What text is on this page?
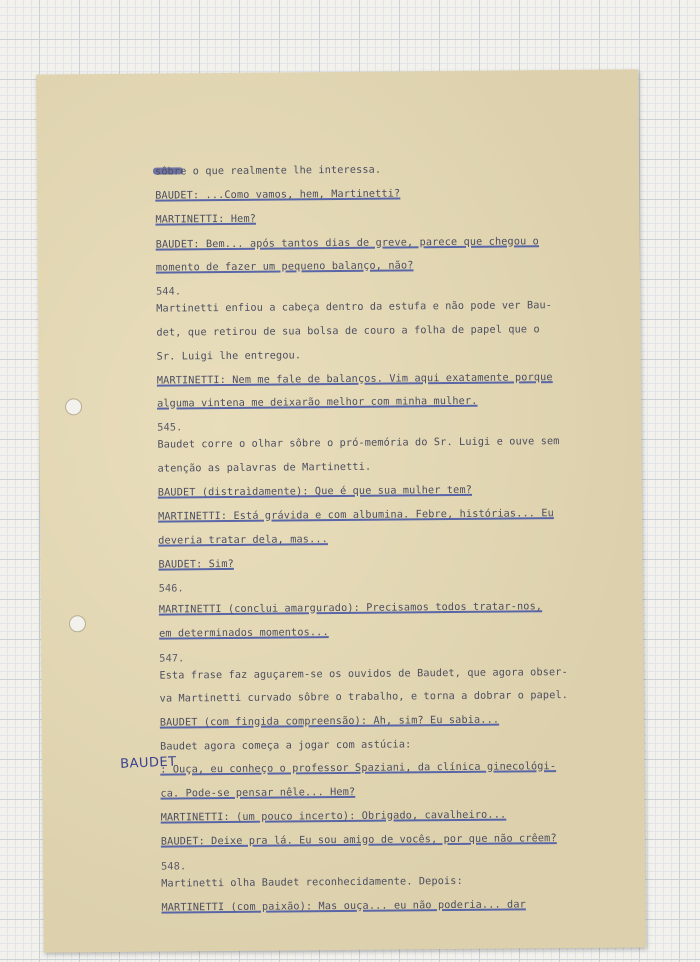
sôbre o que realmente lhe interessa.
BAUDET: ...Como vamos, hem, Martinetti?
MARTINETTI: Hem?
BAUDET: Bem... após tantos dias de greve, parece que chegou o
momento de fazer um pequeno balanço, não?
544.
Martinetti enfiou a cabeça dentro da estufa e não pode ver Bau-
det, que retirou de sua bolsa de couro a folha de papel que o
Sr. Luigi lhe entregou.
MARTINETTI: Nem me fale de balanços. Vim aqui exatamente porque
alguma vintena me deixarão melhor com minha mulher.
545.
Baudet corre o olhar sôbre o pró-memória do Sr. Luigi e ouve sem
atenção as palavras de Martinetti.
BAUDET (distraìdamente): Que é que sua mulher tem?
MARTINETTI: Está grávida e com albumina. Febre, histórias... Eu
deveria tratar dela, mas...
BAUDET: Sim?
546.
MARTINETTI (conclui amargurado): Precisamos todos tratar-nos,
em determinados momentos...
547.
Esta frase faz aguçarem-se os ouvidos de Baudet, que agora obser-
va Martinetti curvado sôbre o trabalho, e torna a dobrar o papel.
BAUDET (com fingida compreensão): Ah, sim? Eu sabia...
Baudet agora começa a jogar com astúcia:
: Ouça, eu conheço o professor Spaziani, da clínica ginecológi-
ca. Pode-se pensar nêle... Hem?
MARTINETTI: (um pouco incerto): Obrigado, cavalheiro...
BAUDET: Deixe pra lá. Eu sou amigo de vocês, por que não crêem?
548.
Martinetti olha Baudet reconhecidamente. Depois:
MARTINETTI (com paixão): Mas ouça... eu não poderia... dar
BAUDET
